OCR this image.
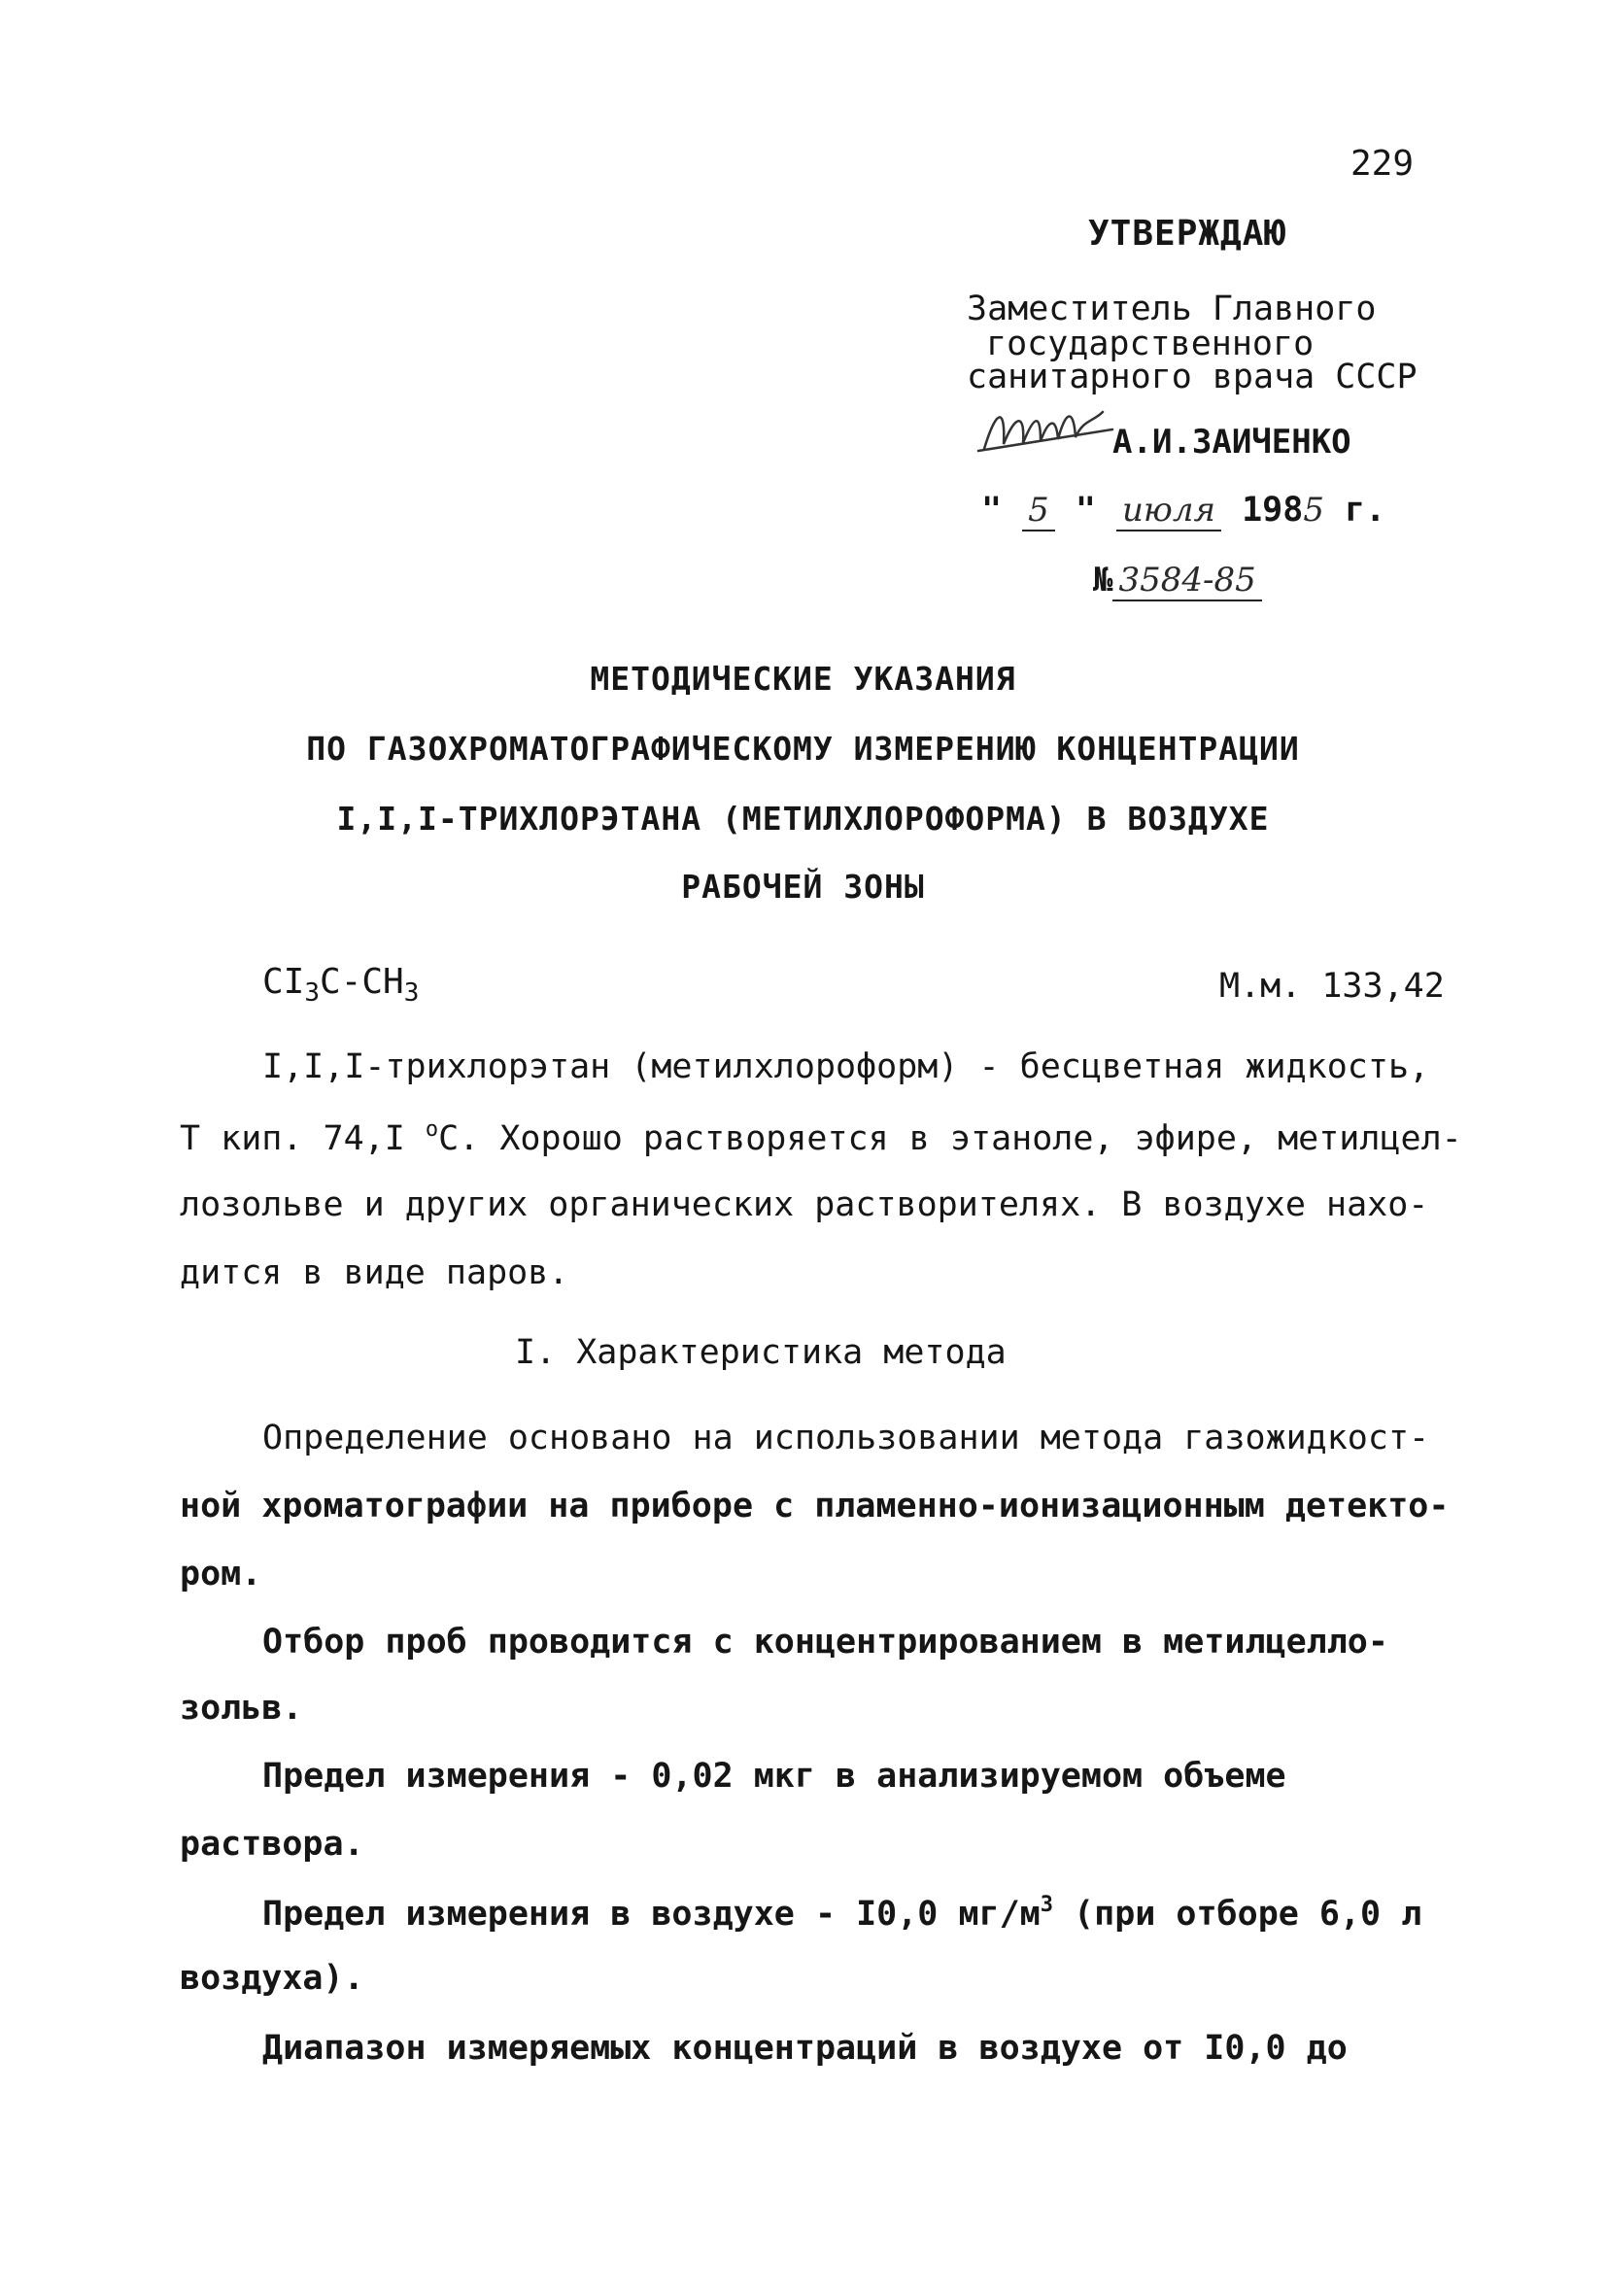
229
УТВЕРЖДАЮ
Заместитель Главного
государственного
санитарного врача СССР
А.И.ЗАИЧЕНКО
" 5 " июля 1985 г.
№ 3584-85
МЕТОДИЧЕСКИЕ УКАЗАНИЯ
ПО ГАЗОХРОМАТОГРАФИЧЕСКОМУ ИЗМЕРЕНИЮ КОНЦЕНТРАЦИИ
I,I,I-ТРИХЛОРЭТАНА (МЕТИЛХЛОРОФОРМА) В ВОЗДУХЕ
РАБОЧЕЙ ЗОНЫ
$CI_3C-CH_3$	М.м. 133,42
I,I,I-трихлорэтан (метилхлороформ) - бесцветная жидкость,
Т кип. 74,I $^o$С. Хорошо растворяется в этаноле, эфире, метилцел-
лозольве и других органических растворителях. В воздухе нахо-
дится в виде паров.
I. Характеристика метода
Определение основано на использовании метода газожидкост-
ной хроматографии на приборе с пламенно-ионизационным детекто-
ром.
Отбор проб проводится с концентрированием в метилцелло-
зольв.
Предел измерения - 0,02 мкг в анализируемом объеме
раствора.
Предел измерения в воздухе - I0,0 $мг/м^3$ (при отборе 6,0 л
воздуха).
Диапазон измеряемых концентраций в воздухе от I0,0 до
